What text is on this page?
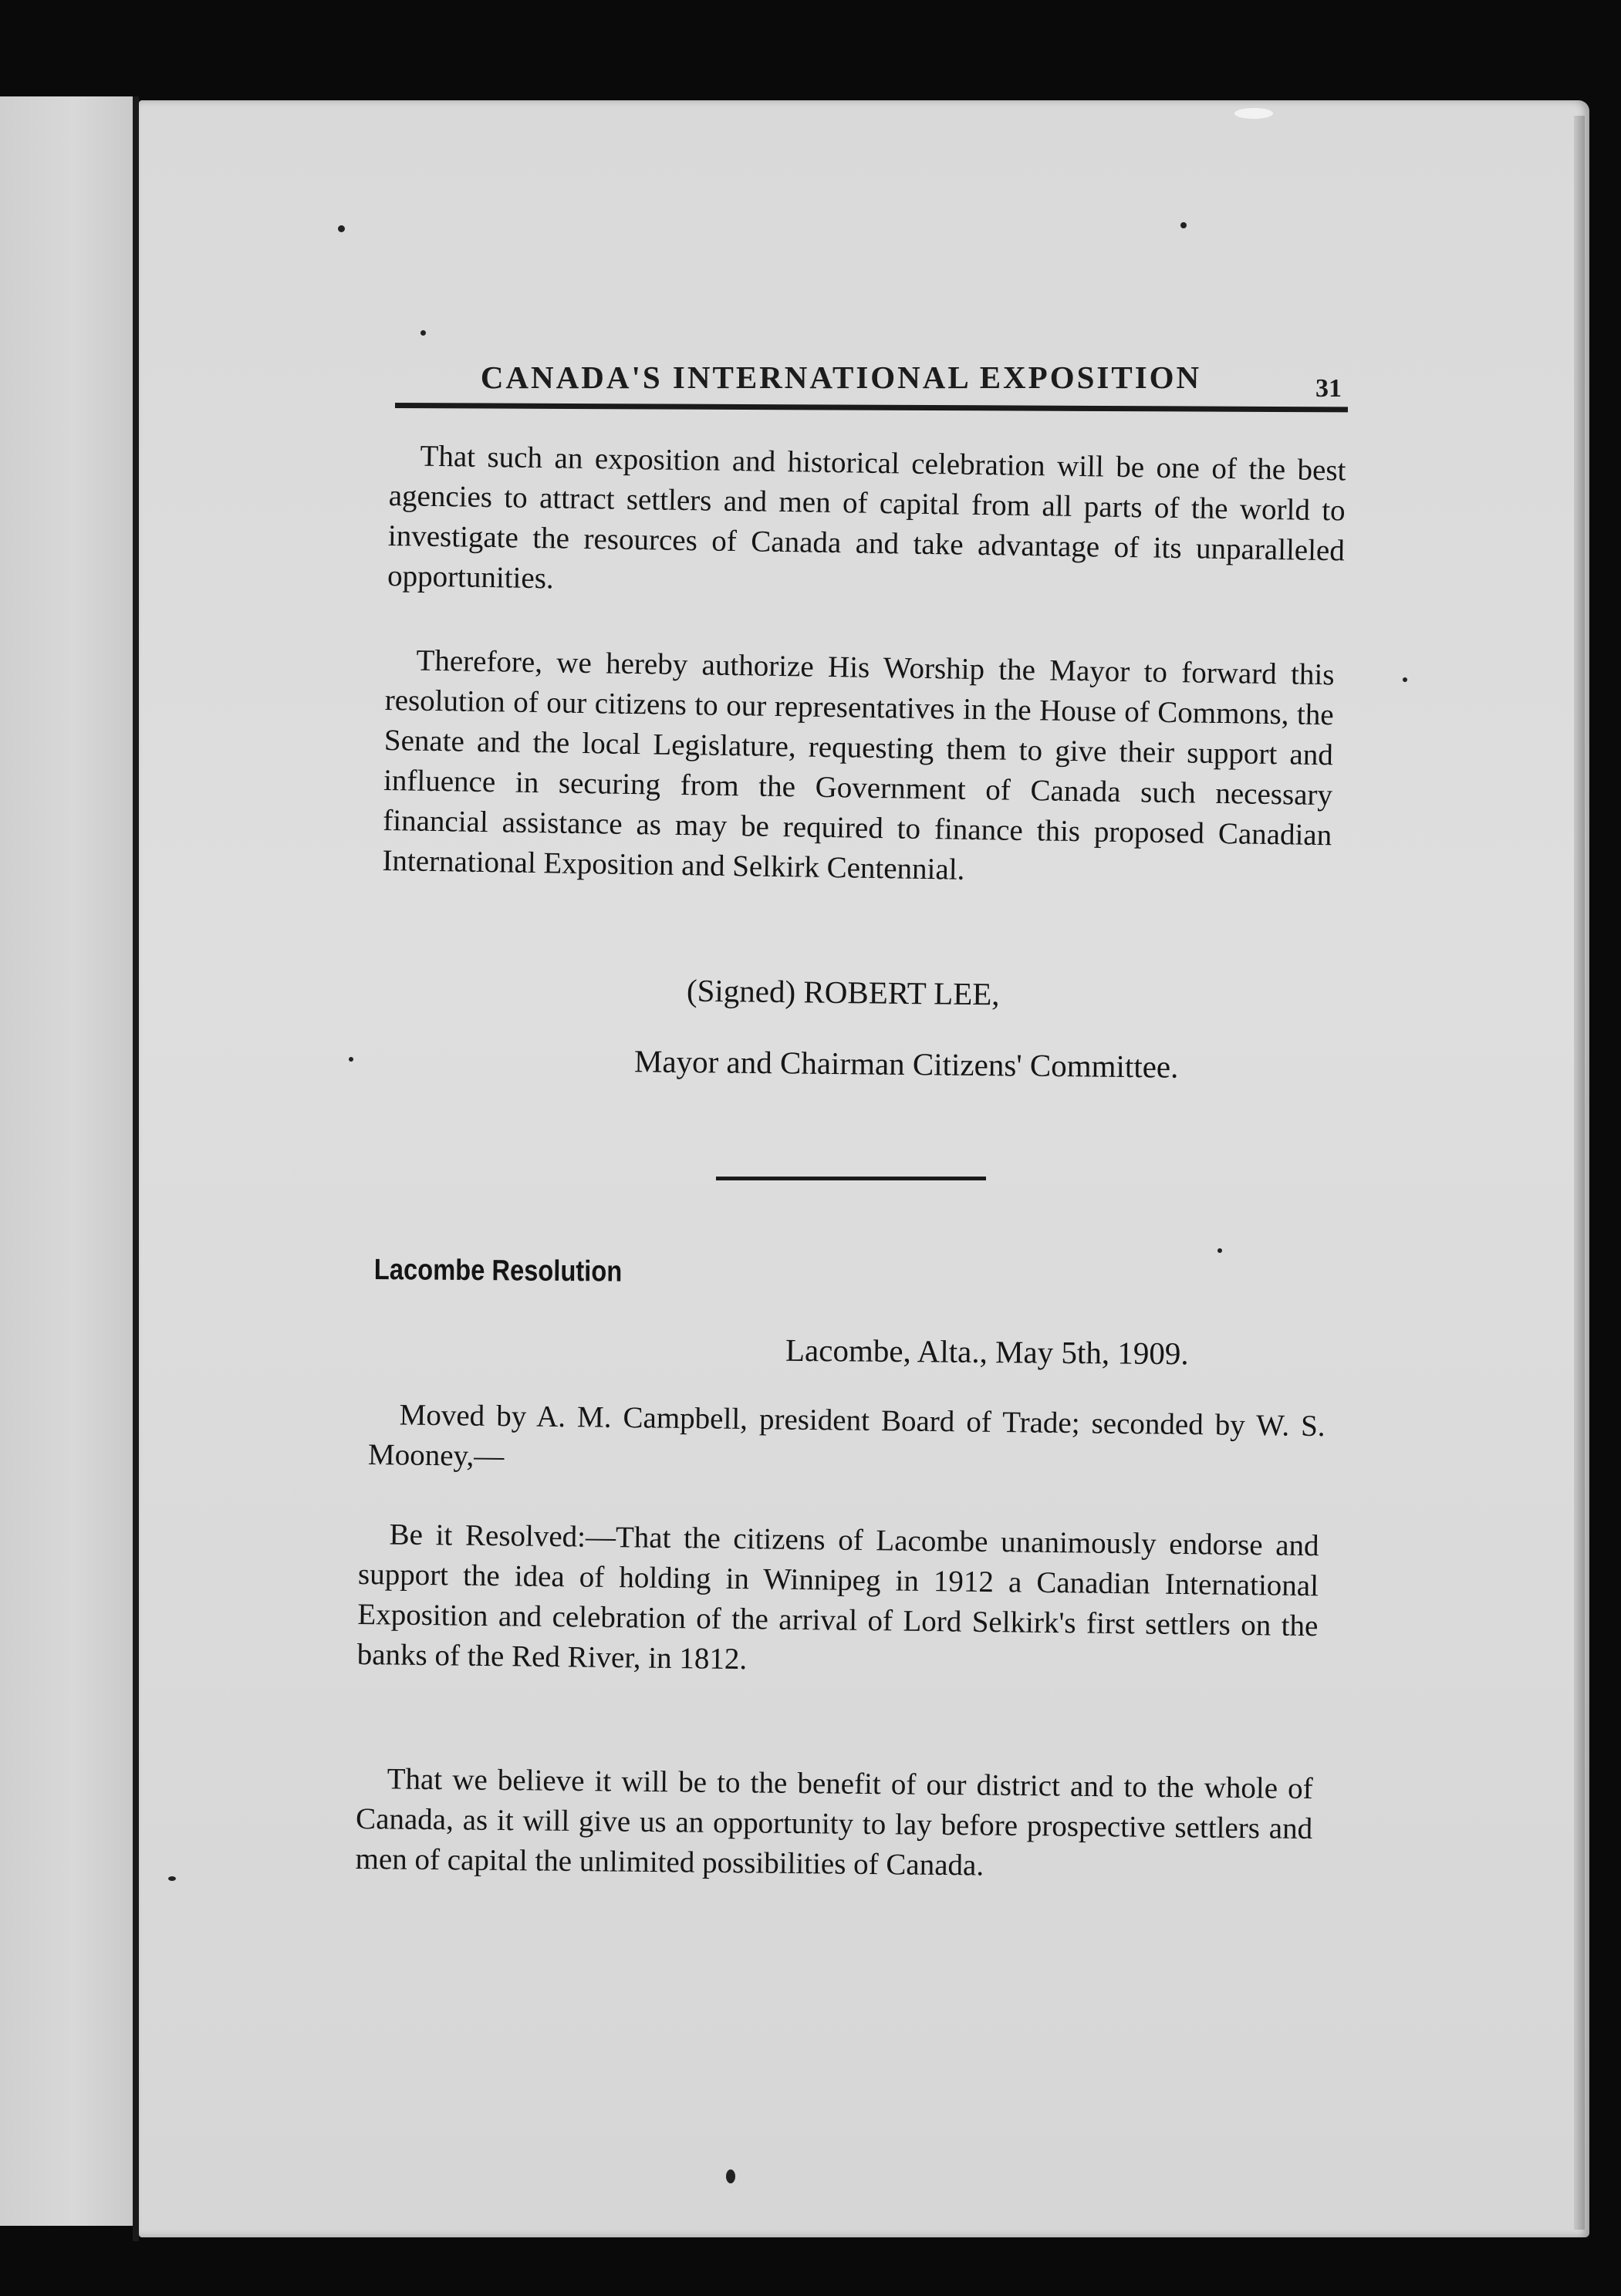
CANADA'S INTERNATIONAL EXPOSITION	31
That such an exposition and historical celebration will be one of the best agencies to attract settlers and men of capital from all parts of the world to investigate the resources of Canada and take advantage of its unparalleled opportunities.
Therefore, we hereby authorize His Worship the Mayor to forward this resolution of our citizens to our representatives in the House of Commons, the Senate and the local Legislature, requesting them to give their support and influence in securing from the Government of Canada such necessary financial assistance as may be required to finance this proposed Canadian International Exposition and Selkirk Centennial.
(Signed) ROBERT LEE,
Mayor and Chairman Citizens' Committee.
Lacombe Resolution
Lacombe, Alta., May 5th, 1909.
Moved by A. M. Campbell, president Board of Trade; seconded by W. S. Mooney,—
Be it Resolved:—That the citizens of Lacombe unanimously endorse and support the idea of holding in Winnipeg in 1912 a Canadian International Exposition and celebration of the arrival of Lord Selkirk's first settlers on the banks of the Red River, in 1812.
That we believe it will be to the benefit of our district and to the whole of Canada, as it will give us an opportunity to lay before prospective settlers and men of capital the unlimited possibilities of Canada.
